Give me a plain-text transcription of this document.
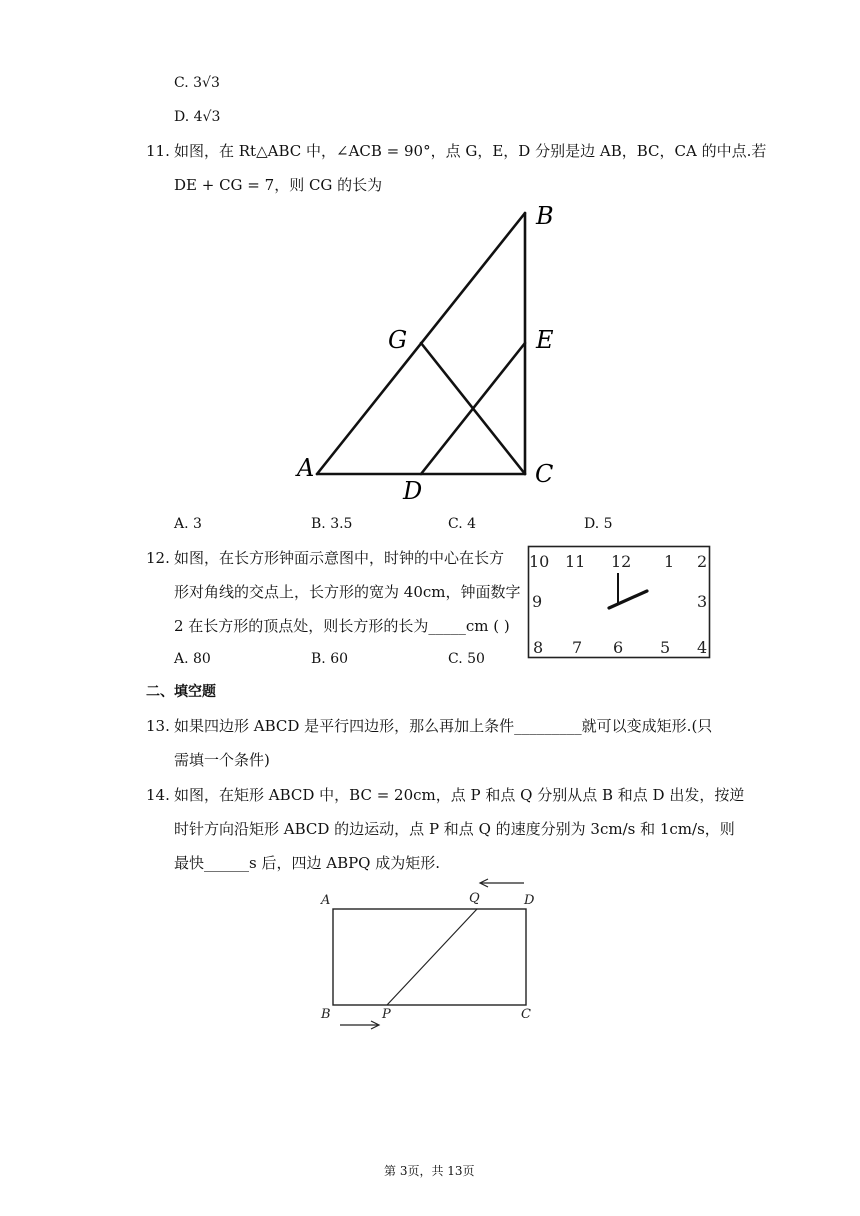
C. 3√3
D. 4√3
11. 如图，在 Rt△ABC 中，∠ACB = 90°，点 G，E，D 分别是边 AB，BC，CA 的中点.若
DE + CG = 7，则 CG 的长为
B
G	E
A	C
D
A. 3	B. 3.5	C. 4	D. 5
12. 如图，在长方形钟面示意图中，时钟的中心在长方
形对角线的交点上，长方形的宽为 40cm，钟面数字
2 在长方形的顶点处，则长方形的长为_____cm ( )
A. 80	B. 60	C. 50
10 11 12 1 2
9	3
8 7 6 5 4
二、填空题
13. 如果四边形 ABCD 是平行四边形，那么再加上条件_________就可以变成矩形.(只
需填一个条件)
14. 如图，在矩形 ABCD 中，BC = 20cm，点 P 和点 Q 分别从点 B 和点 D 出发，按逆
时针方向沿矩形 ABCD 的边运动，点 P 和点 Q 的速度分别为 3cm/s 和 1cm/s，则
最快______s 后，四边 ABPQ 成为矩形.
A	Q	D
B	P	C
第 3页，共 13页
